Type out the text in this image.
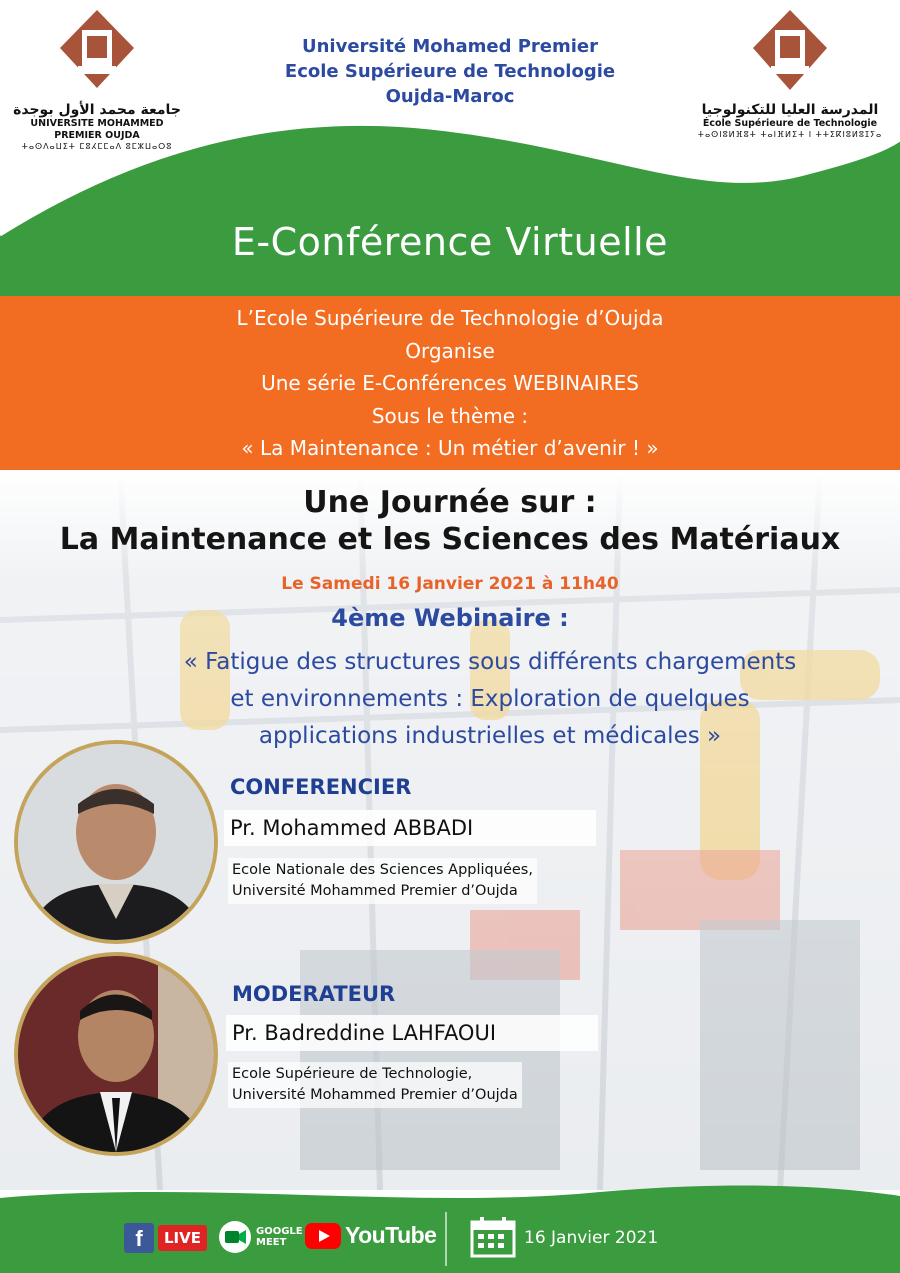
جامعة محمد الأول بوجدة
UNIVERSITE MOHAMMED PREMIER OUJDA
ⵜⴰⵙⴷⴰⵡⵉⵜ ⵎⵓⵃⵎⵎⴰⴷ ⵓⵎⵣⵡⴰⵔⵓ
Université Mohamed Premier
Ecole Supérieure de Technologie
Oujda-Maroc
المدرسة العليا للتكنولوجيا
École Supérieure de Technologie
ⵜⴰⵙⵏⵓⵍⴼⵓⵜ ⵜⴰⵏⴼⵍⵉⵜ ⵏ ⵜⵜⵉⴽⵏⵓⵍⵓⵊⵢⴰ
E-Conférence Virtuelle
L’Ecole Supérieure de Technologie d’Oujda
Organise
Une série E-Conférences WEBINAIRES
Sous le thème :
« La Maintenance : Un métier d’avenir ! »
Une Journée sur :
La Maintenance et les Sciences des Matériaux
Le Samedi 16 Janvier 2021 à 11h40
4ème Webinaire :
« Fatigue des structures sous différents chargements
et environnements : Exploration de quelques
applications industrielles et médicales »
CONFERENCIER
Pr. Mohammed ABBADI
Ecole Nationale des Sciences Appliquées,
Université Mohammed Premier d’Oujda
MODERATEUR
Pr. Badreddine LAHFAOUI
Ecole Supérieure de Technologie,
Université Mohammed Premier d’Oujda
f	LIVE	GOOGLE
MEET	YouTube	16 Janvier 2021
